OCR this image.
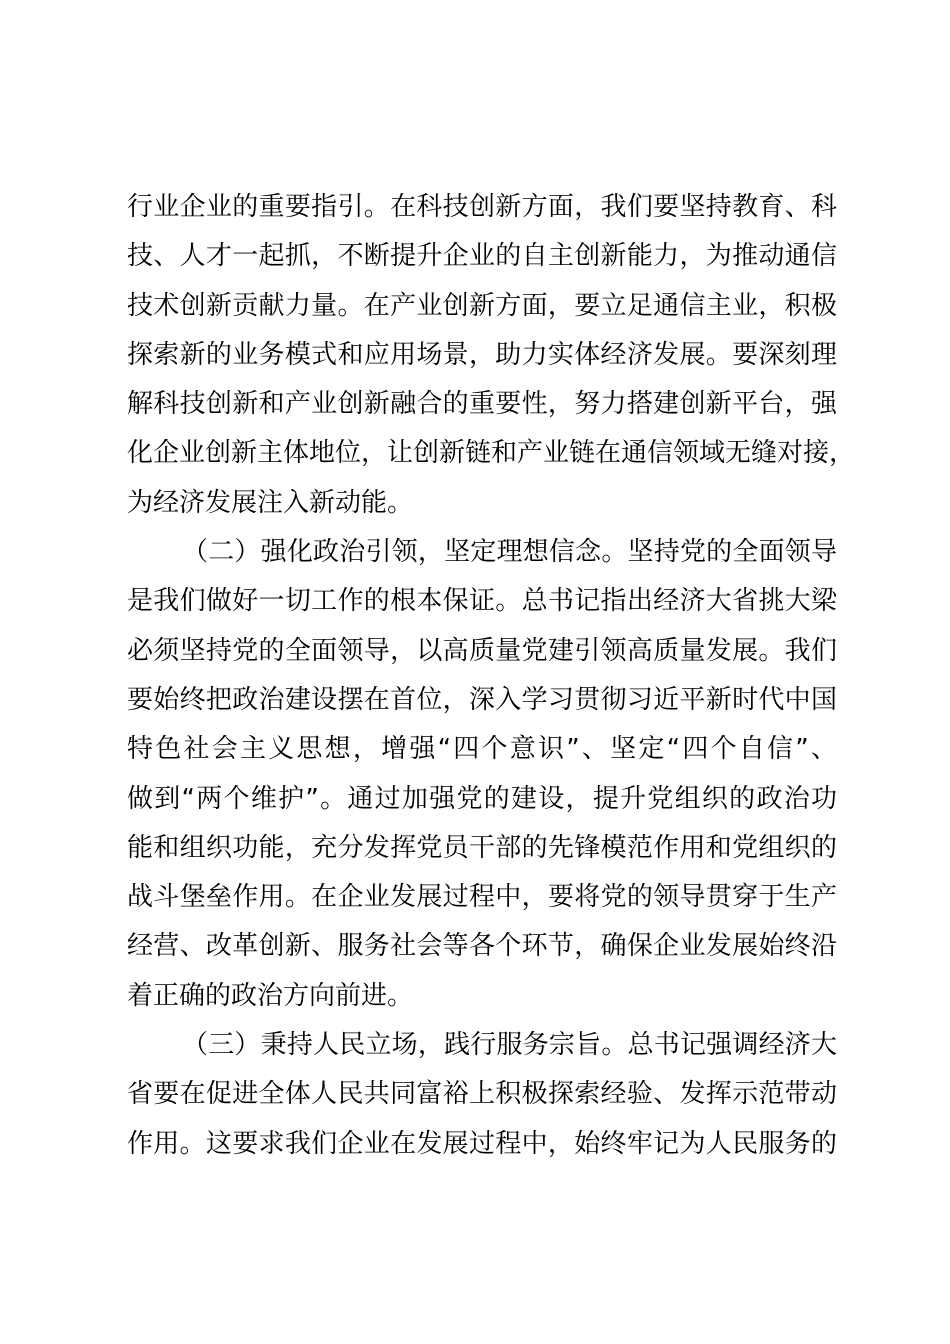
行业企业的重要指引。在科技创新方面，我们要坚持教育、科
技、人才一起抓，不断提升企业的自主创新能力，为推动通信
技术创新贡献力量。在产业创新方面，要立足通信主业，积极
探索新的业务模式和应用场景，助力实体经济发展。要深刻理
解科技创新和产业创新融合的重要性，努力搭建创新平台，强
化企业创新主体地位，让创新链和产业链在通信领域无缝对接，
为经济发展注入新动能。
（二）强化政治引领，坚定理想信念。坚持党的全面领导
是我们做好一切工作的根本保证。总书记指出经济大省挑大梁
必须坚持党的全面领导，以高质量党建引领高质量发展。我们
要始终把政治建设摆在首位，深入学习贯彻习近平新时代中国
特色社会主义思想，增强“四个意识”、坚定“四个自信”、
做到“两个维护”。通过加强党的建设，提升党组织的政治功
能和组织功能，充分发挥党员干部的先锋模范作用和党组织的
战斗堡垒作用。在企业发展过程中，要将党的领导贯穿于生产
经营、改革创新、服务社会等各个环节，确保企业发展始终沿
着正确的政治方向前进。
（三）秉持人民立场，践行服务宗旨。总书记强调经济大
省要在促进全体人民共同富裕上积极探索经验、发挥示范带动
作用。这要求我们企业在发展过程中，始终牢记为人民服务的
